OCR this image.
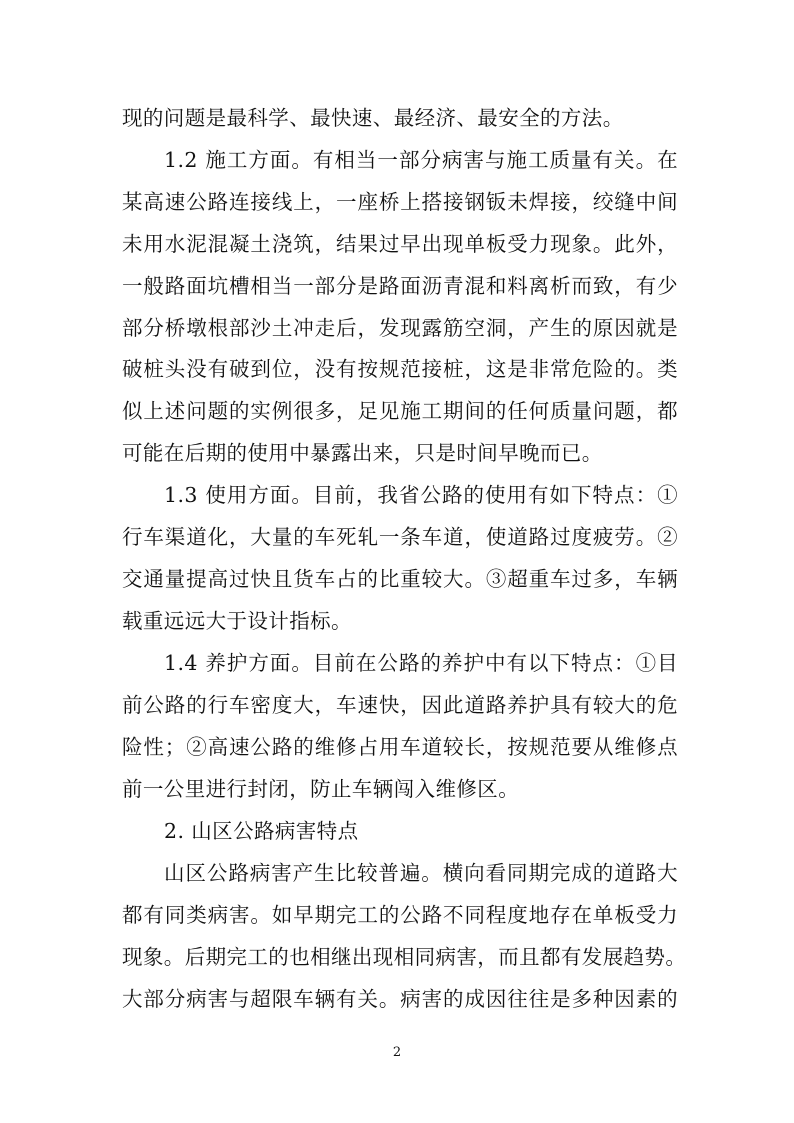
现的问题是最科学、最快速、最经济、最安全的方法。
1.2 施工方面。有相当一部分病害与施工质量有关。在
某高速公路连接线上，一座桥上搭接钢钣未焊接，绞缝中间
未用水泥混凝土浇筑，结果过早出现单板受力现象。此外，
一般路面坑槽相当一部分是路面沥青混和料离析而致，有少
部分桥墩根部沙土冲走后，发现露筋空洞，产生的原因就是
破桩头没有破到位，没有按规范接桩，这是非常危险的。类
似上述问题的实例很多，足见施工期间的任何质量问题，都
可能在后期的使用中暴露出来，只是时间早晚而已。
1.3 使用方面。目前，我省公路的使用有如下特点：①
行车渠道化，大量的车死轧一条车道，使道路过度疲劳。②
交通量提高过快且货车占的比重较大。③超重车过多，车辆
载重远远大于设计指标。
1.4 养护方面。目前在公路的养护中有以下特点：①目
前公路的行车密度大，车速快，因此道路养护具有较大的危
险性；②高速公路的维修占用车道较长，按规范要从维修点
前一公里进行封闭，防止车辆闯入维修区。
2. 山区公路病害特点
山区公路病害产生比较普遍。横向看同期完成的道路大
都有同类病害。如早期完工的公路不同程度地存在单板受力
现象。后期完工的也相继出现相同病害，而且都有发展趋势。
大部分病害与超限车辆有关。病害的成因往往是多种因素的
2
